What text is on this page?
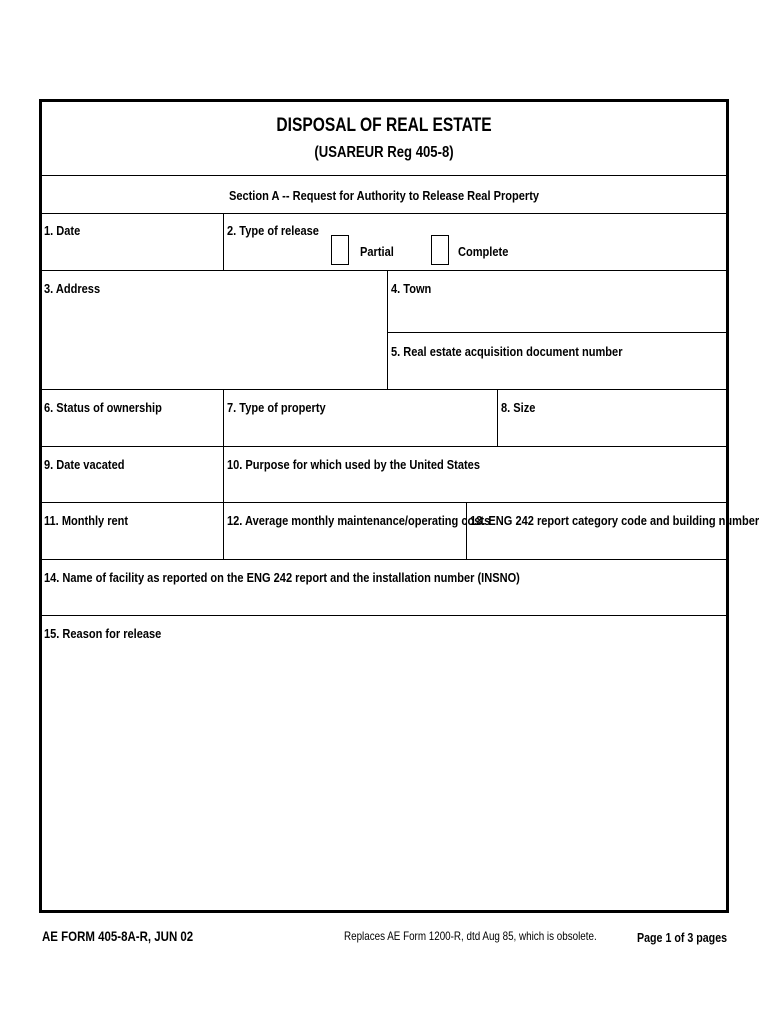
DISPOSAL OF REAL ESTATE
(USAREUR Reg 405-8)
Section A -- Request for Authority to Release Real Property
1. Date	2. Type of release
Partial	Complete
3. Address	4. Town
5. Real estate acquisition document number
6. Status of ownership	7. Type of property	8. Size
9. Date vacated	10. Purpose for which used by the United States
11. Monthly rent	12. Average monthly maintenance/operating costs
13. ENG 242 report category code and building number
14. Name of facility as reported on the ENG 242 report and the installation number (INSNO)
15. Reason for release
AE FORM 405-8A-R, JUN 02	Replaces AE Form 1200-R, dtd Aug 85, which is obsolete.	Page 1 of 3 pages
